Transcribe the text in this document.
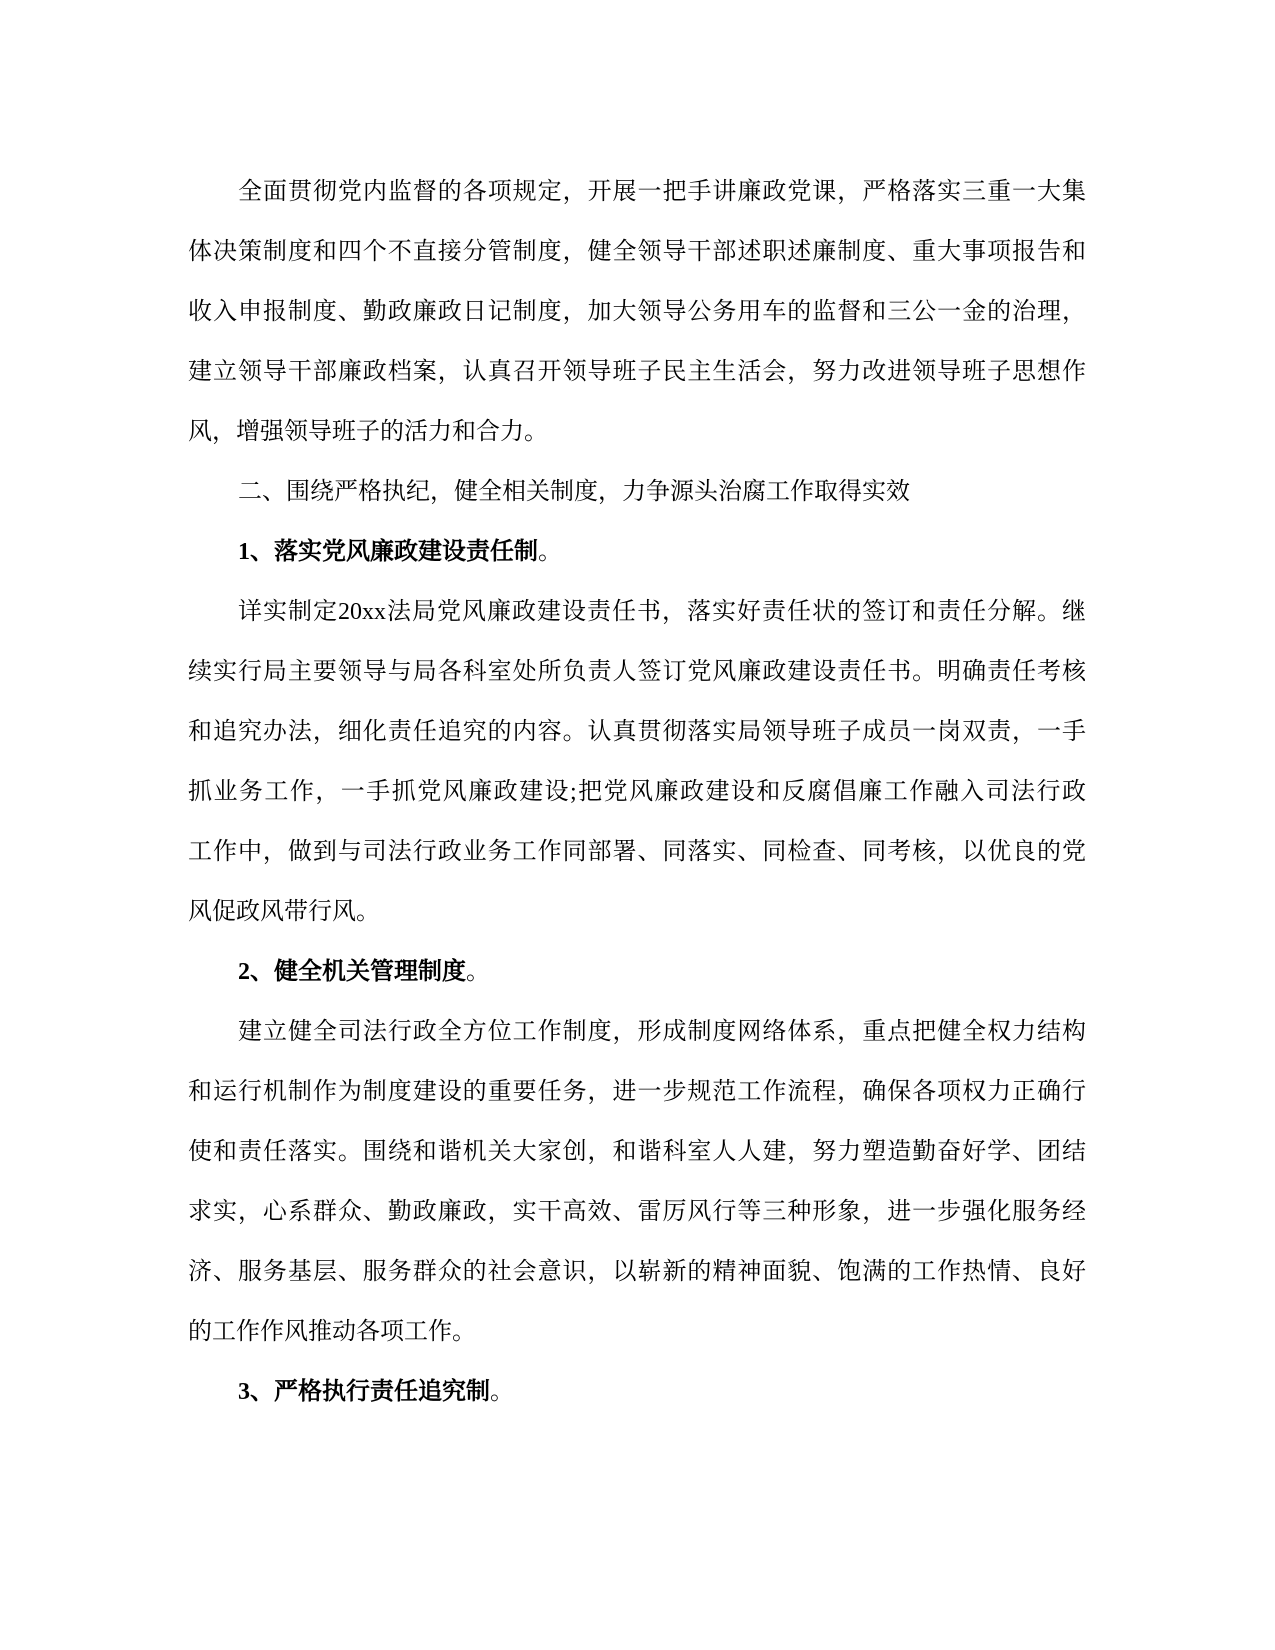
全面贯彻党内监督的各项规定，开展一把手讲廉政党课，严格落实三重一大集
体决策制度和四个不直接分管制度，健全领导干部述职述廉制度、重大事项报告和
收入申报制度、勤政廉政日记制度，加大领导公务用车的监督和三公一金的治理，
建立领导干部廉政档案，认真召开领导班子民主生活会，努力改进领导班子思想作
风，增强领导班子的活力和合力。
二、围绕严格执纪，健全相关制度，力争源头治腐工作取得实效
1、落实党风廉政建设责任制。
详实制定20xx法局党风廉政建设责任书，落实好责任状的签订和责任分解。继
续实行局主要领导与局各科室处所负责人签订党风廉政建设责任书。明确责任考核
和追究办法，细化责任追究的内容。认真贯彻落实局领导班子成员一岗双责，一手
抓业务工作，一手抓党风廉政建设;把党风廉政建设和反腐倡廉工作融入司法行政
工作中，做到与司法行政业务工作同部署、同落实、同检查、同考核，以优良的党
风促政风带行风。
2、健全机关管理制度。
建立健全司法行政全方位工作制度，形成制度网络体系，重点把健全权力结构
和运行机制作为制度建设的重要任务，进一步规范工作流程，确保各项权力正确行
使和责任落实。围绕和谐机关大家创，和谐科室人人建，努力塑造勤奋好学、团结
求实，心系群众、勤政廉政，实干高效、雷厉风行等三种形象，进一步强化服务经
济、服务基层、服务群众的社会意识，以崭新的精神面貌、饱满的工作热情、良好
的工作作风推动各项工作。
3、严格执行责任追究制。
